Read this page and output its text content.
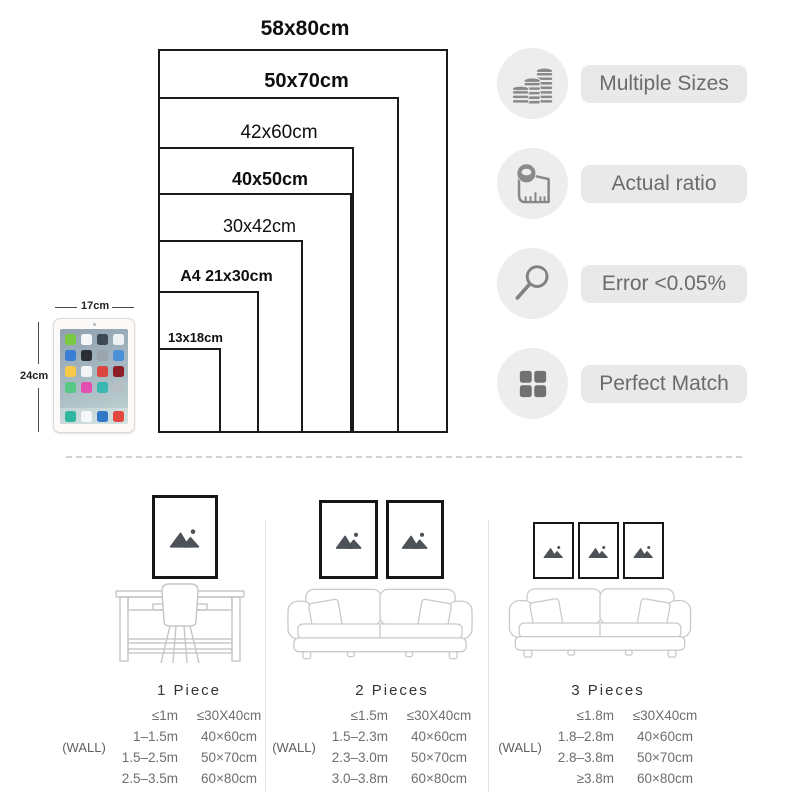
58x80cm
50x70cm
42x60cm
40x50cm
30x42cm
A4 21x30cm
13x18cm
17cm
24cm
Multiple Sizes
Actual ratio
Error <0.05%
Perfect Match
1 Piece	2 Pieces	3 Pieces
(WALL)
≤1m	≤30X40cm
1–1.5m	40×60cm
1.5–2.5m	50×70cm
2.5–3.5m	60×80cm
(WALL)
≤1.5m	≤30X40cm
1.5–2.3m	40×60cm
2.3–3.0m	50×70cm
3.0–3.8m	60×80cm
(WALL)
≤1.8m	≤30X40cm
1.8–2.8m	40×60cm
2.8–3.8m	50×70cm
≥3.8m	60×80cm
